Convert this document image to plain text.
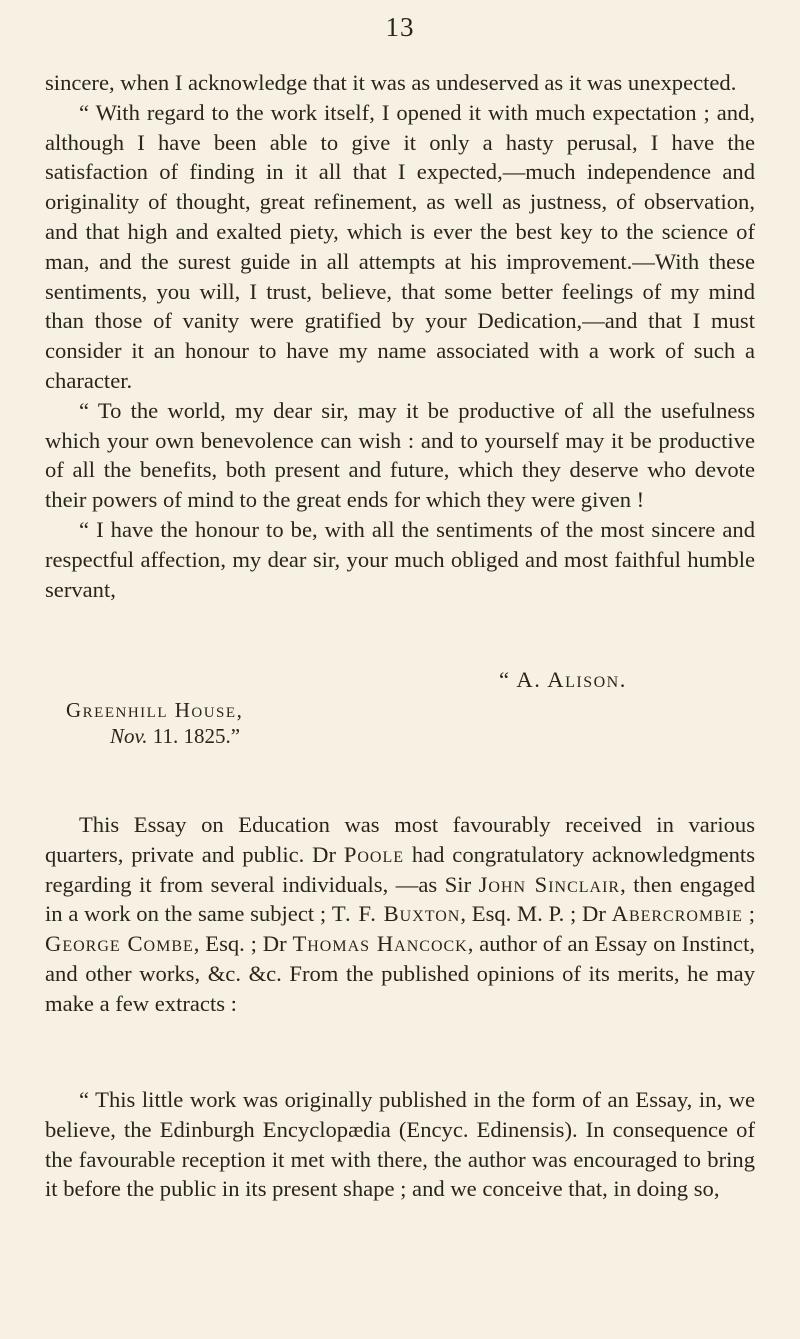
13

sincere, when I acknowledge that it was as undeserved as it was unexpected.

“ With regard to the work itself, I opened it with much expectation ; and, although I have been able to give it only a hasty perusal, I have the satisfaction of finding in it all that I expected,—much independence and originality of thought, great refinement, as well as justness, of observation, and that high and exalted piety, which is ever the best key to the science of man, and the surest guide in all attempts at his improvement.—With these sentiments, you will, I trust, believe, that some better feelings of my mind than those of vanity were gratified by your Dedication,—and that I must consider it an honour to have my name associated with a work of such a character.

“ To the world, my dear sir, may it be productive of all the usefulness which your own benevolence can wish : and to yourself may it be productive of all the benefits, both present and future, which they deserve who devote their powers of mind to the great ends for which they were given !

“ I have the honour to be, with all the sentiments of the most sincere and respectful affection, my dear sir, your much obliged and most faithful humble servant,

“ A. Alison.
Greenhill House,
Nov. 11. 1825.”

This Essay on Education was most favourably received in various quarters, private and public. Dr Poole had congratulatory acknowledgments regarding it from several individuals, —as Sir John Sinclair, then engaged in a work on the same subject ; T. F. Buxton, Esq. M. P. ; Dr Abercrombie ; George Combe, Esq. ; Dr Thomas Hancock, author of an Essay on Instinct, and other works, &c. &c. From the published opinions of its merits, he may make a few extracts :

“ This little work was originally published in the form of an Essay, in, we believe, the Edinburgh Encyclopædia (Encyc. Edinensis). In consequence of the favourable reception it met with there, the author was encouraged to bring it before the public in its present shape ; and we conceive that, in doing so,
